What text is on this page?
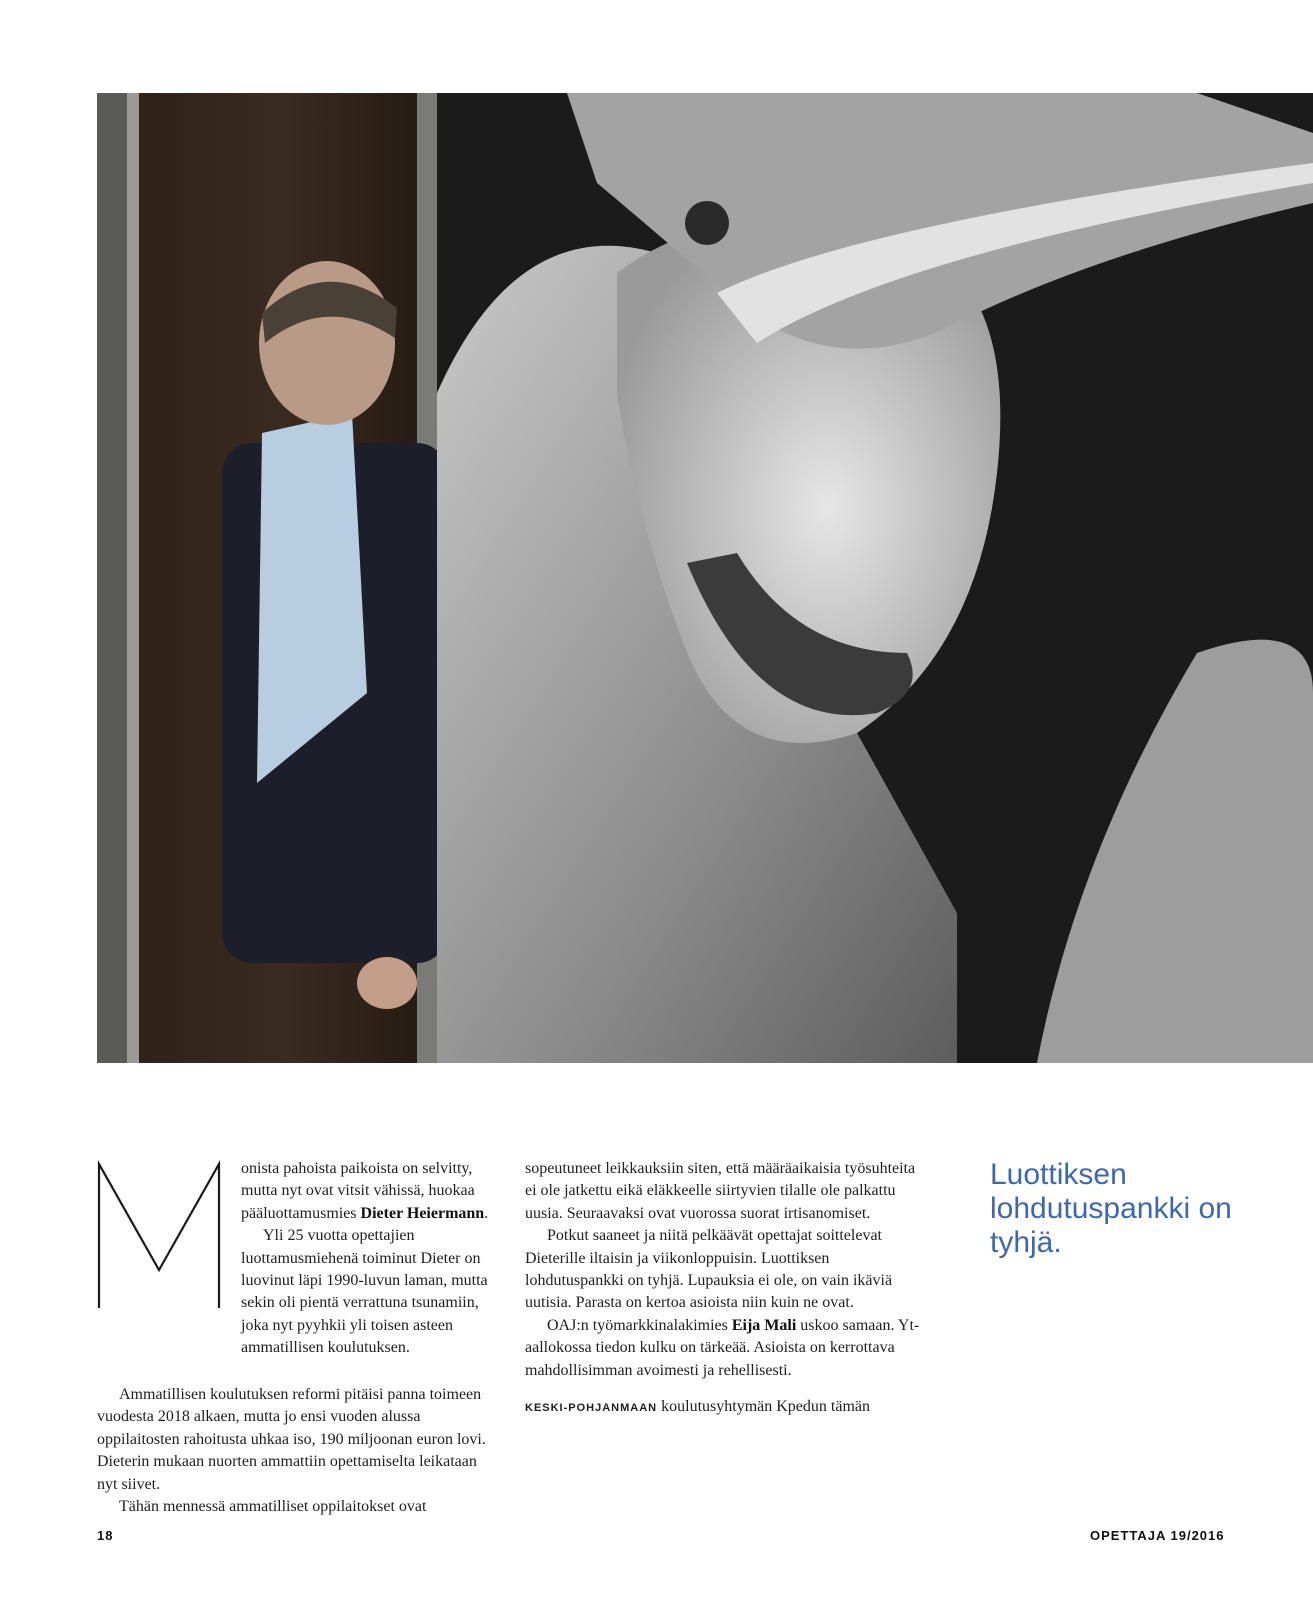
onista pahoista paikoista on selvitty, mutta nyt ovat vitsit vähissä, huokaa pääluottamusmies Dieter Heiermann.

Yli 25 vuotta opettajien luottamusmiehenä toiminut Dieter on luovinut läpi 1990-luvun laman, mutta sekin oli pientä verrattuna tsunamiin, joka nyt pyyhkii yli toisen asteen ammatillisen koulutuksen.

Ammatillisen koulutuksen reformi pitäisi panna toimeen vuodesta 2018 alkaen, mutta jo ensi vuoden alussa oppilaitosten rahoitusta uhkaa iso, 190 miljoonan euron lovi. Dieterin mukaan nuorten ammattiin opettamiselta leikataan nyt siivet.

Tähän mennessä ammatilliset oppilaitokset ovat

sopeutuneet leikkauksiin siten, että määräaikaisia työsuhteita ei ole jatkettu eikä eläkkeelle siirtyvien tilalle ole palkattu uusia. Seuraavaksi ovat vuorossa suorat irtisanomiset.

Potkut saaneet ja niitä pelkäävät opettajat soittelevat Dieterille iltaisin ja viikonloppuisin. Luottiksen lohdutuspankki on tyhjä. Lupauksia ei ole, on vain ikäviä uutisia. Parasta on kertoa asioista niin kuin ne ovat.

OAJ:n työmarkkinalakimies Eija Mali uskoo samaan. Yt-aallokossa tiedon kulku on tärkeää. Asioista on kerrottava mahdollisimman avoimesti ja rehellisesti.

KESKI-POHJANMAAN koulutusyhtymän Kpedun tämän

Luottiksen lohdutuspankki on tyhjä.
18	OPETTAJA 19/2016
